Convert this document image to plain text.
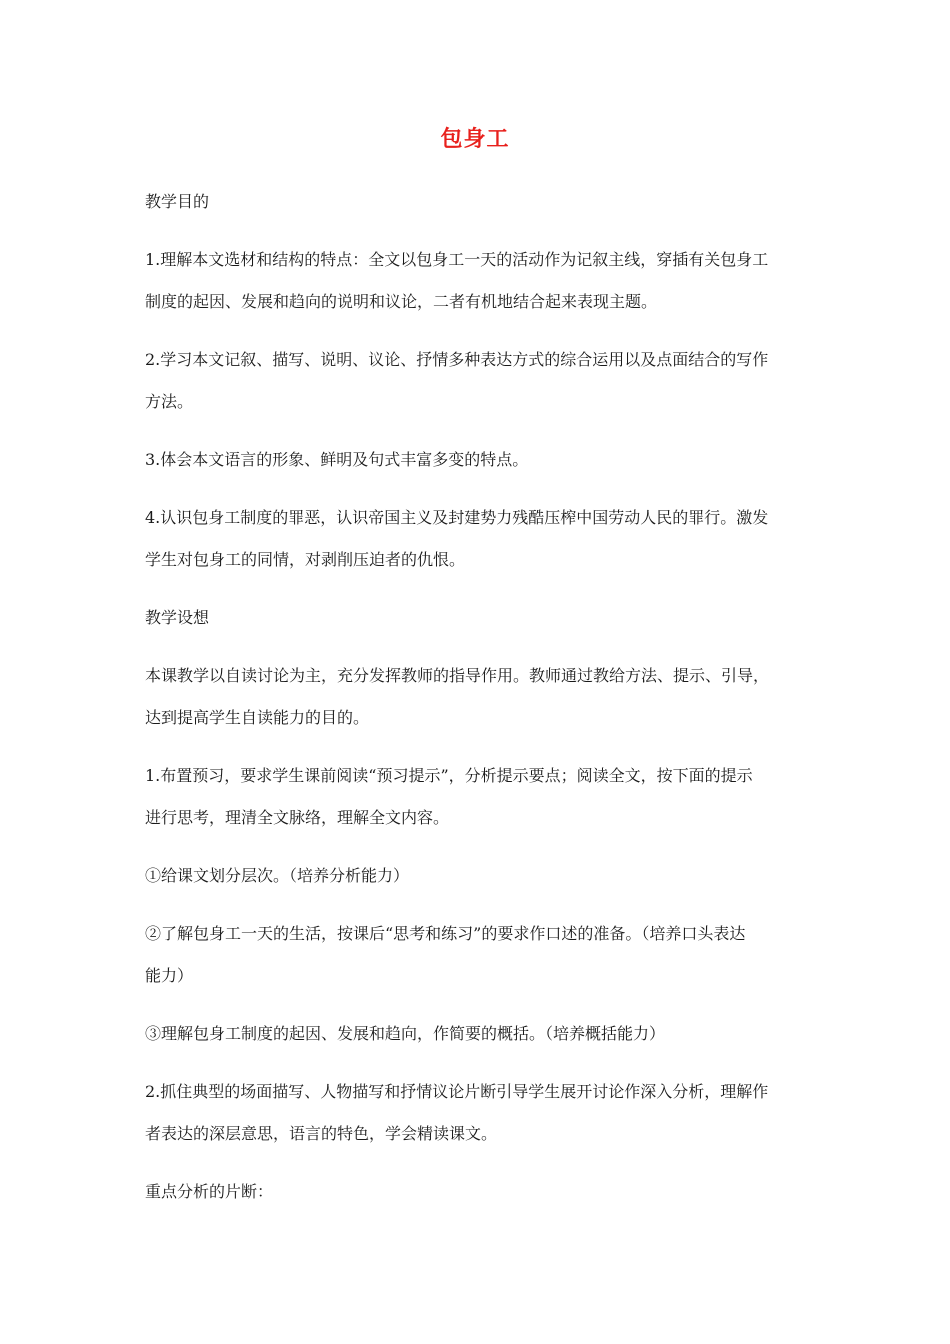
包身工
教学目的
1.理解本文选材和结构的特点：全文以包身工一天的活动作为记叙主线，穿插有关包身工
制度的起因、发展和趋向的说明和议论，二者有机地结合起来表现主题。
2.学习本文记叙、描写、说明、议论、抒情多种表达方式的综合运用以及点面结合的写作
方法。
3.体会本文语言的形象、鲜明及句式丰富多变的特点。
4.认识包身工制度的罪恶，认识帝国主义及封建势力残酷压榨中国劳动人民的罪行。激发
学生对包身工的同情，对剥削压迫者的仇恨。
教学设想
本课教学以自读讨论为主，充分发挥教师的指导作用。教师通过教给方法、提示、引导，
达到提高学生自读能力的目的。
1.布置预习，要求学生课前阅读“预习提示”，分析提示要点；阅读全文，按下面的提示
进行思考，理清全文脉络，理解全文内容。
①给课文划分层次。（培养分析能力）
②了解包身工一天的生活，按课后“思考和练习”的要求作口述的准备。（培养口头表达
能力）
③理解包身工制度的起因、发展和趋向，作简要的概括。（培养概括能力）
2.抓住典型的场面描写、人物描写和抒情议论片断引导学生展开讨论作深入分析，理解作
者表达的深层意思，语言的特色，学会精读课文。
重点分析的片断：
